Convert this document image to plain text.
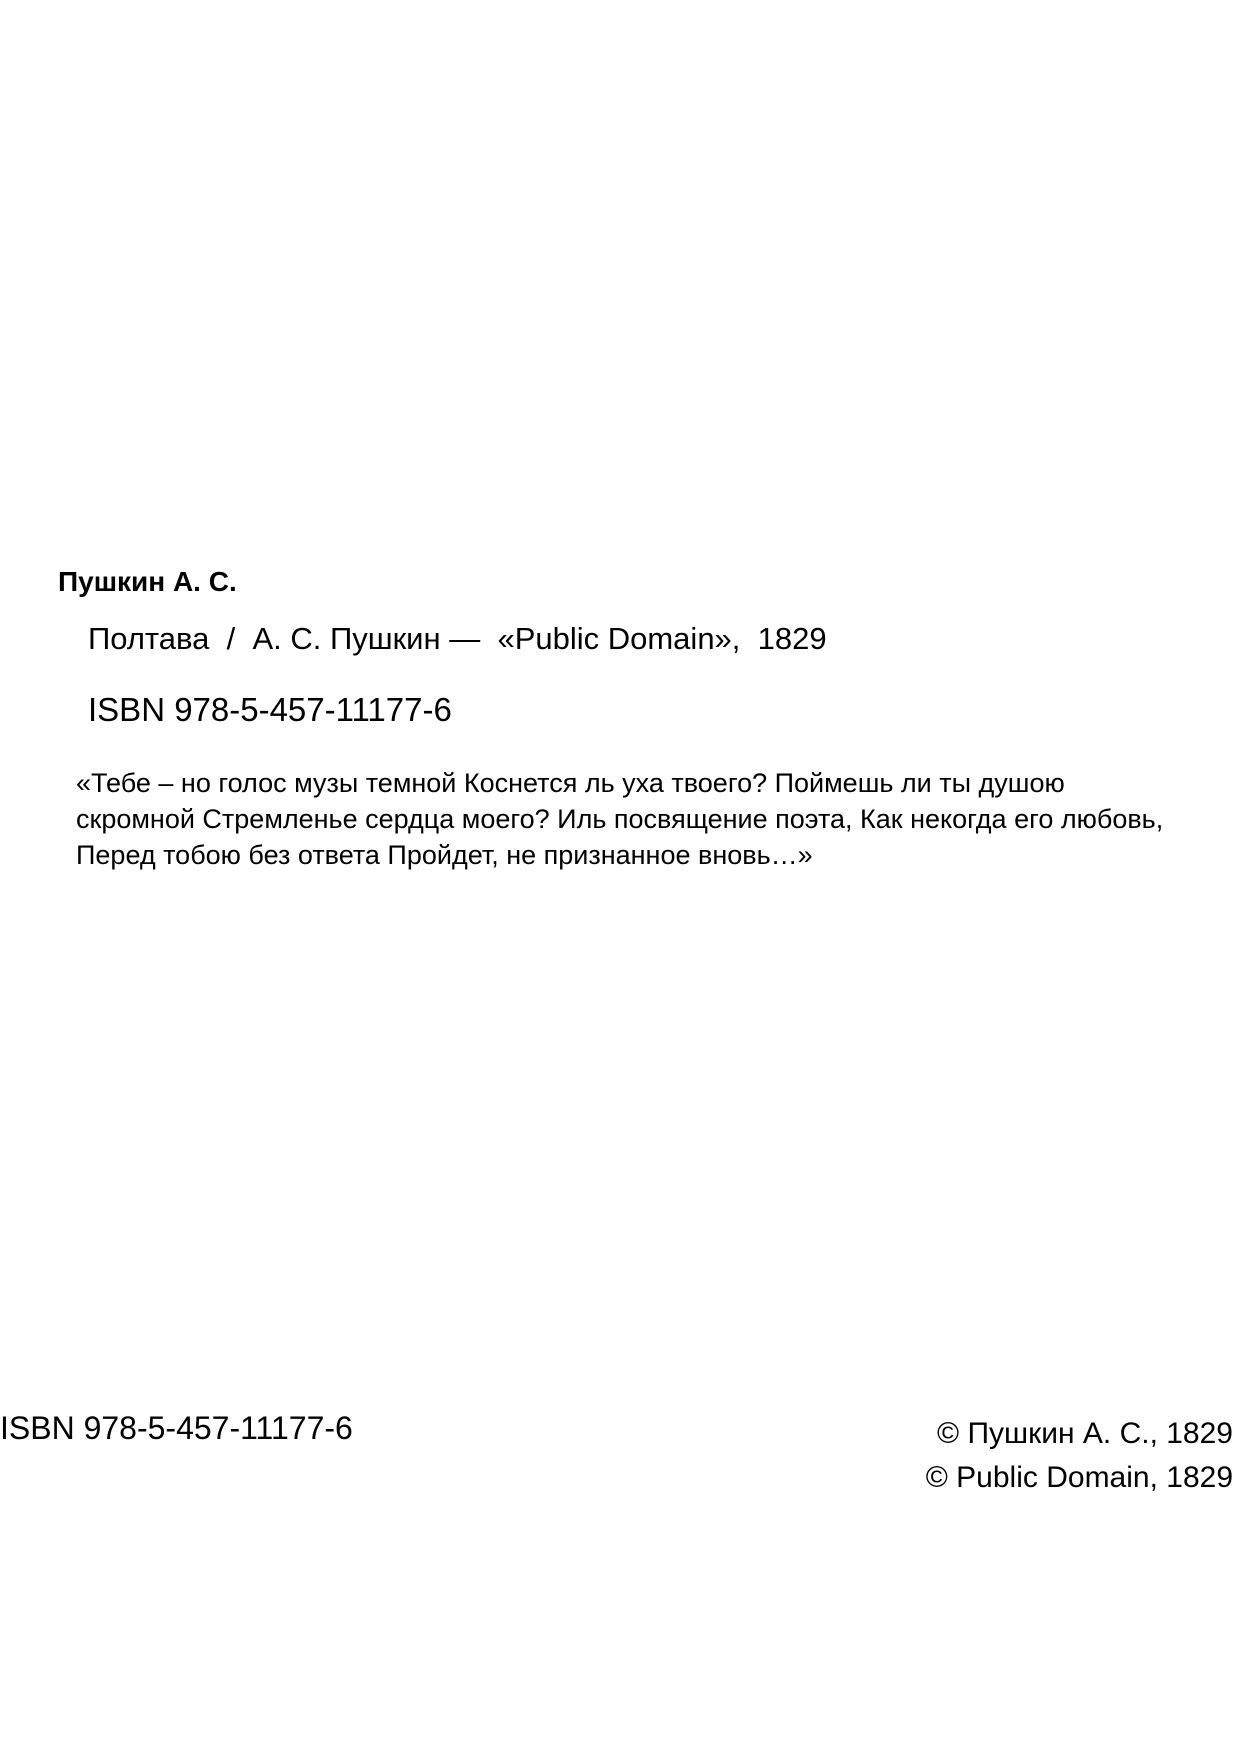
Пушкин А. С.
Полтава  /  А. С. Пушкин —  «Public Domain»,  1829
ISBN 978-5-457-11177-6
«Тебе – но голос музы темной Коснется ль уха твоего? Поймешь ли ты душою скромной Стремленье сердца моего? Иль посвящение поэта, Как некогда его любовь, Перед тобою без ответа Пройдет, не признанное вновь…»
ISBN 978-5-457-11177-6	© Пушкин А. С., 1829
© Public Domain, 1829
